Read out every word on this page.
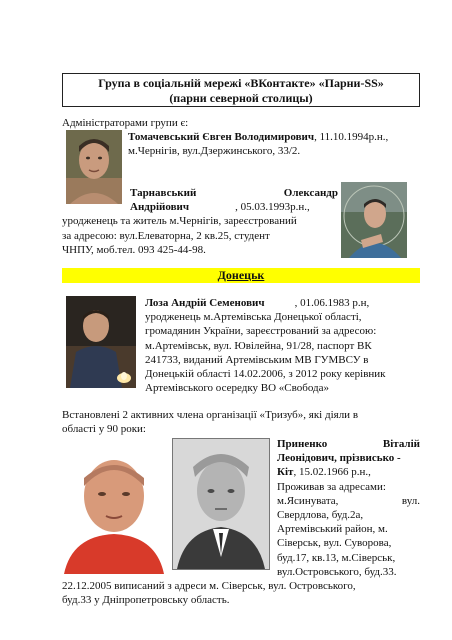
Група в соціальній мережі «ВКонтакте» «Парни-SS»
(парни северной столицы)
Адміністраторами групи є:
Томачевський Євген Володимирович, 11.10.1994р.н.,
м.Чернігів, вул.Дзержинського, 33/2.
Тарнавський	Олександр
Андрійович	, 05.03.1993р.н.,
уродженець та житель м.Чернігів, зареєстрований
за адресою: вул.Елеваторна, 2 кв.25, студент
ЧНПУ, моб.тел. 093 425-44-98.
Донецьк
Лоза Андрій Семенович	, 01.06.1983 р.н,
уродженець м.Артемівська Донецької області,
громадянин України, зареєстрований за адресою:
м.Артемівськ, вул. Ювілейна, 91/28, паспорт ВК
241733, виданий Артемівським МВ ГУМВСУ в
Донецькій області 14.02.2006, з 2012 року керівник
Артемівського осередку ВО «Свобода»
Встановлені 2 активних члена організації «Тризуб», які діяли в
області у 90 роки:
Приненко	Віталій
Леонідович, прізвисько -
Кіт, 15.02.1966 р.н.,
Проживав за адресами:
м.Ясинувата,	вул.
Свердлова, буд.2а,
Артемівський район, м.
Сіверськ, вул. Суворова,
буд.17, кв.13, м.Сіверськ,
вул.Островського, буд.33.
22.12.2005 виписаний з адреси м. Сіверськ, вул. Островського,
буд.33 у Дніпропетровську область.
